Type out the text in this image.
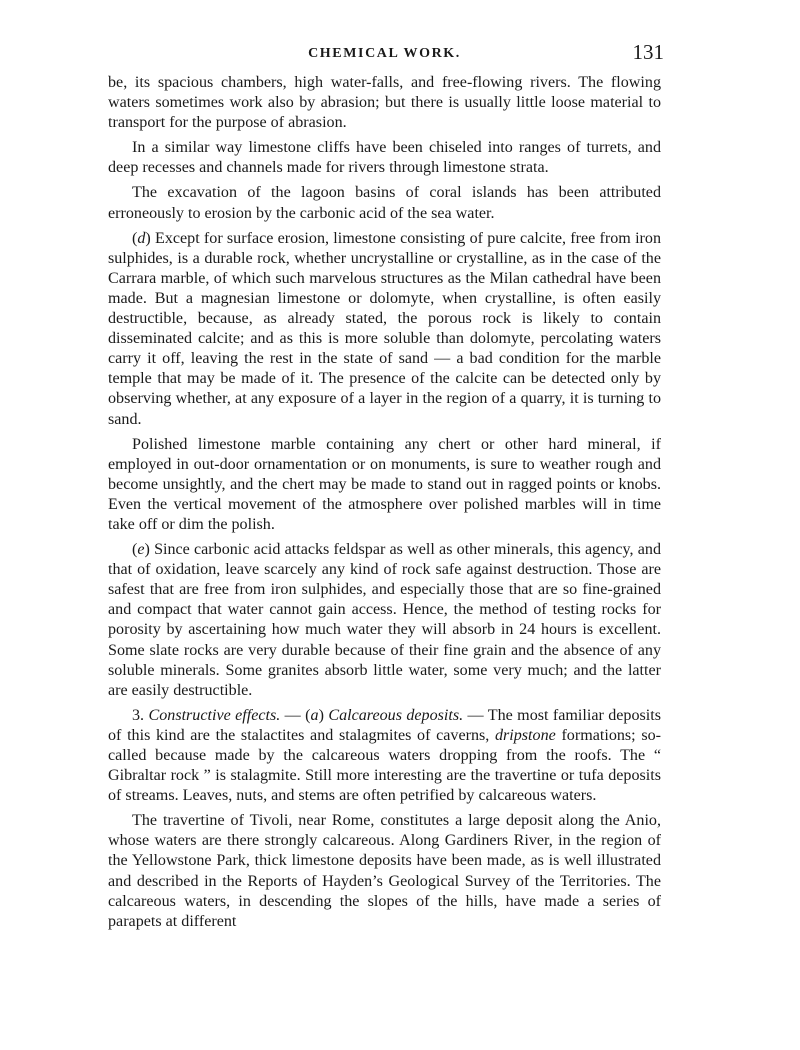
CHEMICAL WORK.	131

be, its spacious chambers, high water-falls, and free-flowing rivers. The flowing waters sometimes work also by abrasion; but there is usually little loose material to transport for the purpose of abrasion.

In a similar way limestone cliffs have been chiseled into ranges of turrets, and deep recesses and channels made for rivers through limestone strata.

The excavation of the lagoon basins of coral islands has been attributed erroneously to erosion by the carbonic acid of the sea water.

(d) Except for surface erosion, limestone consisting of pure calcite, free from iron sulphides, is a durable rock, whether uncrystalline or crystalline, as in the case of the Carrara marble, of which such marvelous structures as the Milan cathedral have been made. But a magnesian limestone or dolomyte, when crystalline, is often easily destructible, because, as already stated, the porous rock is likely to contain disseminated calcite; and as this is more soluble than dolomyte, percolating waters carry it off, leaving the rest in the state of sand — a bad condition for the marble temple that may be made of it. The presence of the calcite can be detected only by observing whether, at any exposure of a layer in the region of a quarry, it is turning to sand.

Polished limestone marble containing any chert or other hard mineral, if employed in out-door ornamentation or on monuments, is sure to weather rough and become unsightly, and the chert may be made to stand out in ragged points or knobs. Even the vertical movement of the atmosphere over polished marbles will in time take off or dim the polish.

(e) Since carbonic acid attacks feldspar as well as other minerals, this agency, and that of oxidation, leave scarcely any kind of rock safe against destruction. Those are safest that are free from iron sulphides, and especially those that are so fine-grained and compact that water cannot gain access. Hence, the method of testing rocks for porosity by ascertaining how much water they will absorb in 24 hours is excellent. Some slate rocks are very durable because of their fine grain and the absence of any soluble minerals. Some granites absorb little water, some very much; and the latter are easily destructible.

3. Constructive effects. — (a) Calcareous deposits. — The most familiar deposits of this kind are the stalactites and stalagmites of caverns, dripstone formations; so-called because made by the calcareous waters dropping from the roofs. The “ Gibraltar rock ” is stalagmite. Still more interesting are the travertine or tufa deposits of streams. Leaves, nuts, and stems are often petrified by calcareous waters.

The travertine of Tivoli, near Rome, constitutes a large deposit along the Anio, whose waters are there strongly calcareous. Along Gardiners River, in the region of the Yellowstone Park, thick limestone deposits have been made, as is well illustrated and described in the Reports of Hayden’s Geological Survey of the Territories. The calcareous waters, in descending the slopes of the hills, have made a series of parapets at different
